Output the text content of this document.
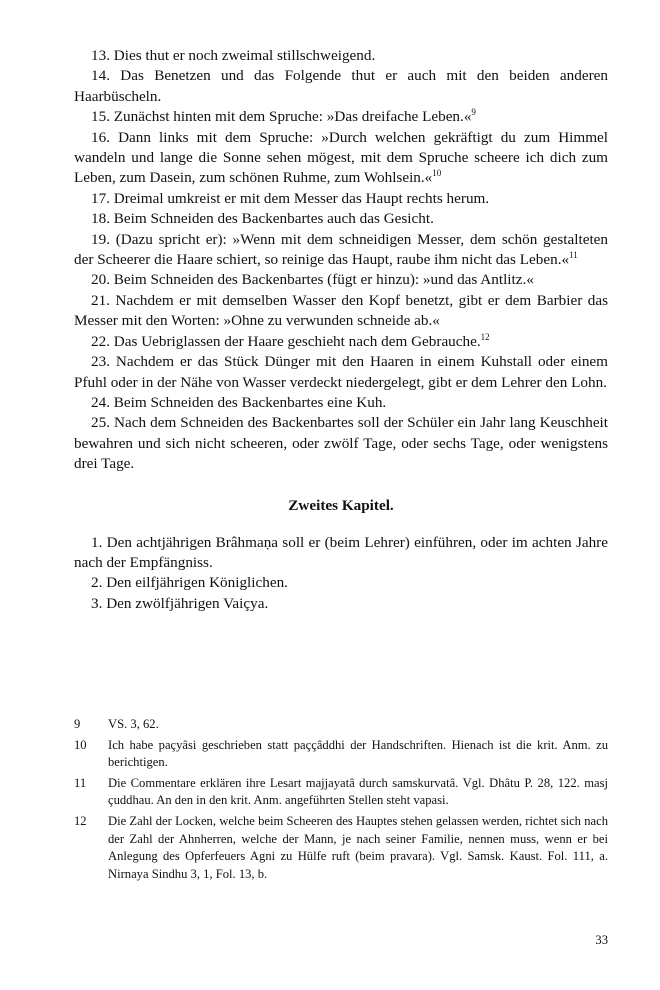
13. Dies thut er noch zweimal stillschweigend.

14. Das Benetzen und das Folgende thut er auch mit den beiden anderen Haarbüscheln.

15. Zunächst hinten mit dem Spruche: »Das dreifache Leben.«$^9$

16. Dann links mit dem Spruche: »Durch welchen gekräftigt du zum Himmel wandeln und lange die Sonne sehen mögest, mit dem Spruche scheere ich dich zum Leben, zum Dasein, zum schönen Ruhme, zum Wohlsein.«$^{10}$

17. Dreimal umkreist er mit dem Messer das Haupt rechts herum.

18. Beim Schneiden des Backenbartes auch das Gesicht.

19. (Dazu spricht er): »Wenn mit dem schneidigen Messer, dem schön gestalteten der Scheerer die Haare schiert, so reinige das Haupt, raube ihm nicht das Leben.«$^{11}$

20. Beim Schneiden des Backenbartes (fügt er hinzu): »und das Antlitz.«

21. Nachdem er mit demselben Wasser den Kopf benetzt, gibt er dem Barbier das Messer mit den Worten: »Ohne zu verwunden schneide ab.«

22. Das Uebriglassen der Haare geschieht nach dem Gebrauche.$^{12}$

23. Nachdem er das Stück Dünger mit den Haaren in einem Kuhstall oder einem Pfuhl oder in der Nähe von Wasser verdeckt niedergelegt, gibt er dem Lehrer den Lohn.

24. Beim Schneiden des Backenbartes eine Kuh.

25. Nach dem Schneiden des Backenbartes soll der Schüler ein Jahr lang Keuschheit bewahren und sich nicht scheeren, oder zwölf Tage, oder sechs Tage, oder wenigstens drei Tage.

Zweites Kapitel.

1. Den achtjährigen Brâhmaṇa soll er (beim Lehrer) einführen, oder im achten Jahre nach der Empfängniss.

2. Den eilfjährigen Königlichen.

3. Den zwölfjährigen Vaiçya.

9	VS. 3, 62.
10	Ich habe paçyâsi geschrieben statt paççâddhi der Handschriften. Hienach ist die krit. Anm. zu berichtigen.
11	Die Commentare erklären ihre Lesart majjayatâ durch samskurvatâ. Vgl. Dhâtu P. 28, 122. masj çuddhau. An den in den krit. Anm. angeführten Stellen steht vapasi.
12	Die Zahl der Locken, welche beim Scheeren des Hauptes stehen gelassen werden, richtet sich nach der Zahl der Ahnherren, welche der Mann, je nach seiner Familie, nennen muss, wenn er bei Anlegung des Opferfeuers Agni zu Hülfe ruft (beim pravara). Vgl. Samsk. Kaust. Fol. 111, a. Nirnaya Sindhu 3, 1, Fol. 13, b.
33
